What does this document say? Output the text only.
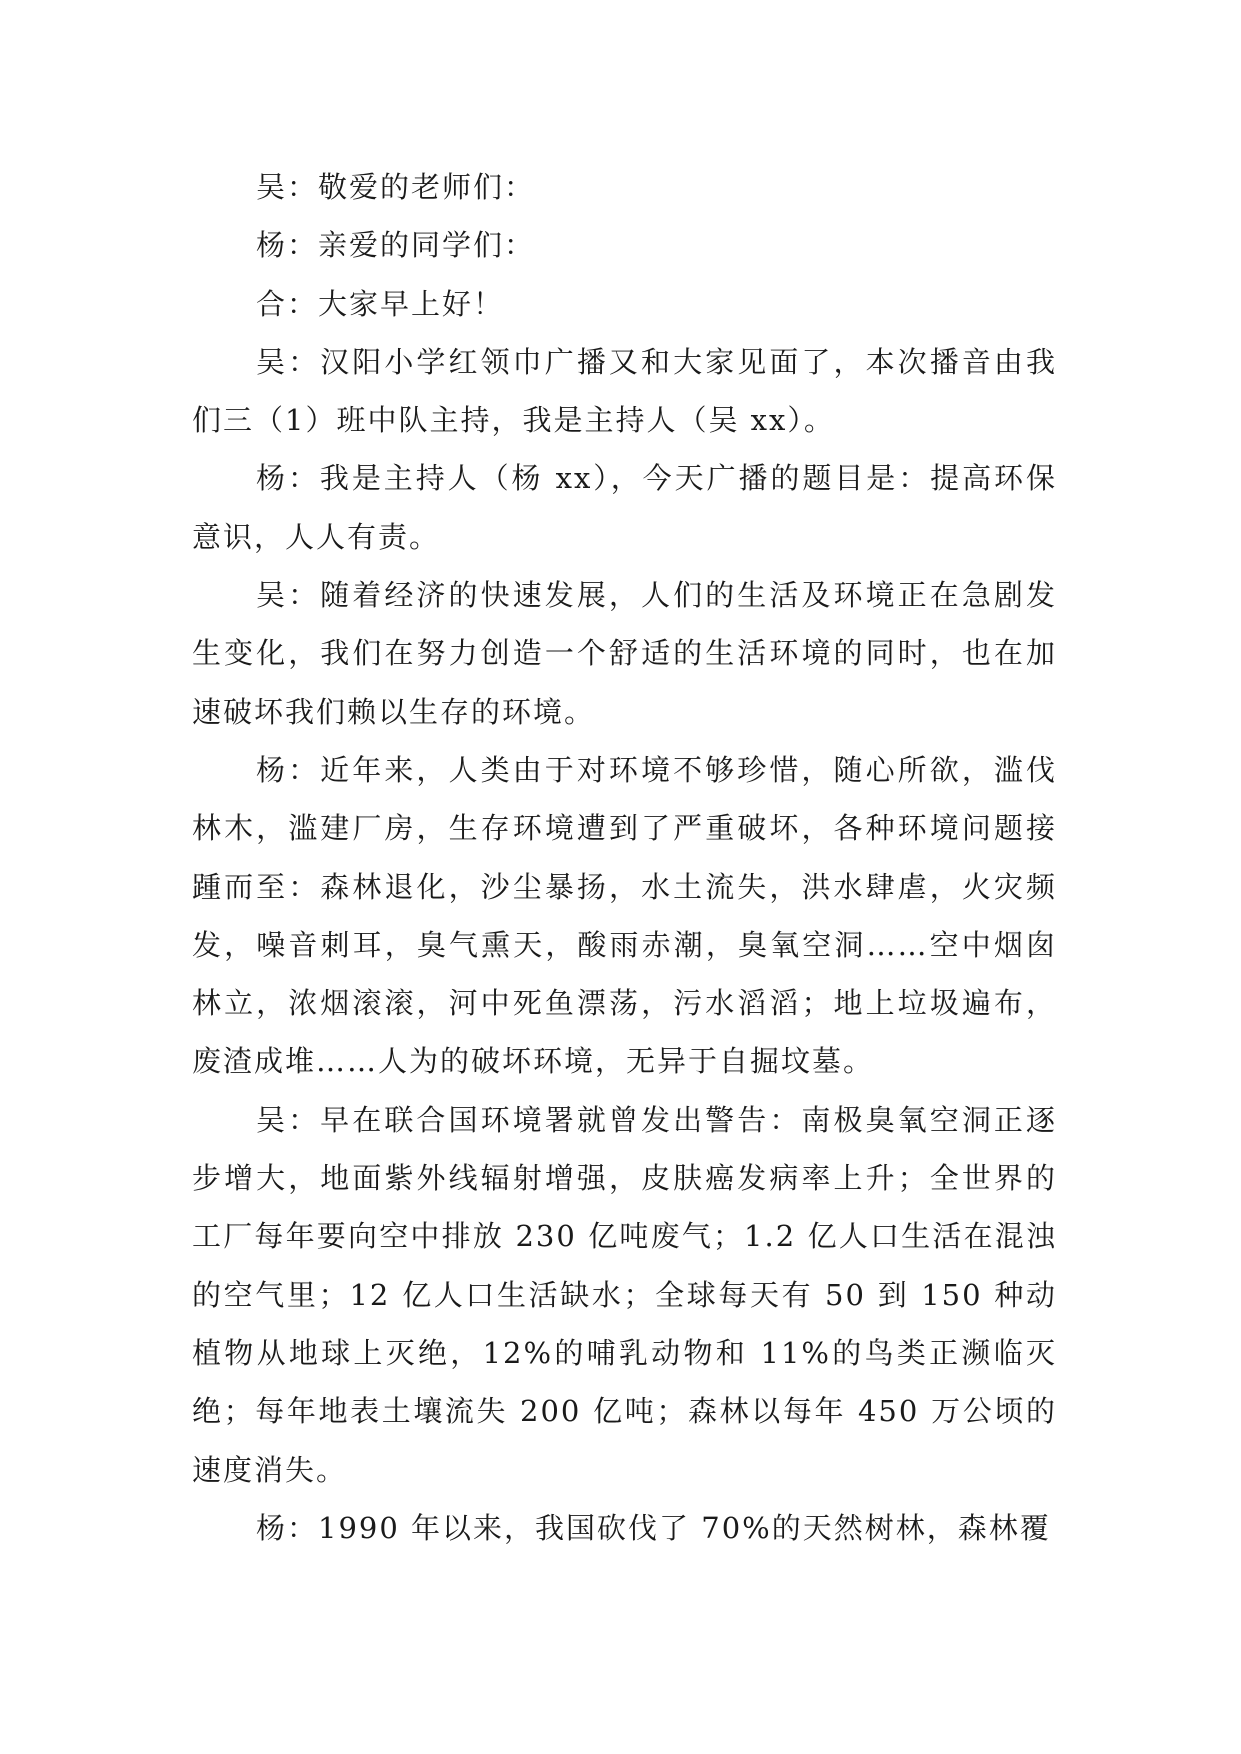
吴：敬爱的老师们：

杨：亲爱的同学们：

合：大家早上好！

吴：汉阳小学红领巾广播又和大家见面了，本次播音由我们三（1）班中队主持，我是主持人（吴 xx）。

杨：我是主持人（杨 xx），今天广播的题目是：提高环保意识，人人有责。

吴：随着经济的快速发展，人们的生活及环境正在急剧发生变化，我们在努力创造一个舒适的生活环境的同时，也在加速破坏我们赖以生存的环境。

杨：近年来，人类由于对环境不够珍惜，随心所欲，滥伐林木，滥建厂房，生存环境遭到了严重破坏，各种环境问题接踵而至：森林退化，沙尘暴扬，水土流失，洪水肆虐，火灾频发，噪音刺耳，臭气熏天，酸雨赤潮，臭氧空洞……空中烟囱林立，浓烟滚滚，河中死鱼漂荡，污水滔滔；地上垃圾遍布，废渣成堆……人为的破坏环境，无异于自掘坟墓。

吴：早在联合国环境署就曾发出警告：南极臭氧空洞正逐步增大，地面紫外线辐射增强，皮肤癌发病率上升；全世界的工厂每年要向空中排放 230 亿吨废气；1.2 亿人口生活在混浊的空气里；12 亿人口生活缺水；全球每天有 50 到 150 种动植物从地球上灭绝，12%的哺乳动物和 11%的鸟类正濒临灭绝；每年地表土壤流失 200 亿吨；森林以每年 450 万公顷的速度消失。

杨：1990 年以来，我国砍伐了 70%的天然树林，森林覆
